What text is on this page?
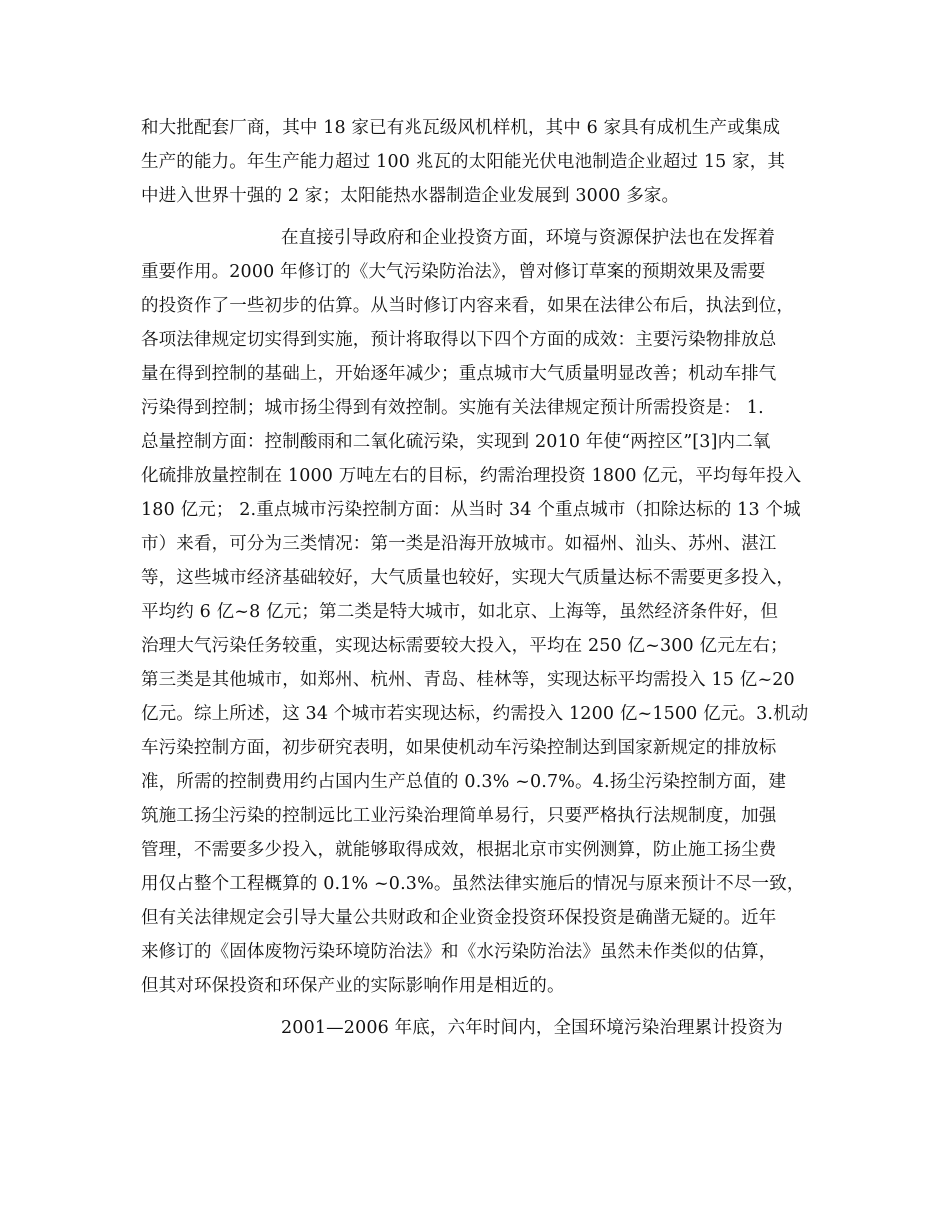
和大批配套厂商，其中 18 家已有兆瓦级风机样机，其中 6 家具有成机生产或集成
生产的能力。年生产能力超过 100 兆瓦的太阳能光伏电池制造企业超过 15 家，其
中进入世界十强的 2 家；太阳能热水器制造企业发展到 3000 多家。
在直接引导政府和企业投资方面，环境与资源保护法也在发挥着
重要作用。2000 年修订的《大气污染防治法》，曾对修订草案的预期效果及需要
的投资作了一些初步的估算。从当时修订内容来看，如果在法律公布后，执法到位，
各项法律规定切实得到实施，预计将取得以下四个方面的成效：主要污染物排放总
量在得到控制的基础上，开始逐年减少；重点城市大气质量明显改善；机动车排气
污染得到控制；城市扬尘得到有效控制。实施有关法律规定预计所需投资是： 1.
总量控制方面：控制酸雨和二氧化硫污染，实现到 2010 年使“两控区”[3]内二氧
化硫排放量控制在 1000 万吨左右的目标，约需治理投资 1800 亿元，平均每年投入
180 亿元； 2.重点城市污染控制方面：从当时 34 个重点城市（扣除达标的 13 个城
市）来看，可分为三类情况：第一类是沿海开放城市。如福州、汕头、苏州、湛江
等，这些城市经济基础较好，大气质量也较好，实现大气质量达标不需要更多投入，
平均约 6 亿~8 亿元；第二类是特大城市，如北京、上海等，虽然经济条件好，但
治理大气污染任务较重，实现达标需要较大投入，平均在 250 亿~300 亿元左右；
第三类是其他城市，如郑州、杭州、青岛、桂林等，实现达标平均需投入 15 亿~20
亿元。综上所述，这 34 个城市若实现达标，约需投入 1200 亿~1500 亿元。3.机动
车污染控制方面，初步研究表明，如果使机动车污染控制达到国家新规定的排放标
准，所需的控制费用约占国内生产总值的 0.3% ~0.7%。4.扬尘污染控制方面，建
筑施工扬尘污染的控制远比工业污染治理简单易行，只要严格执行法规制度，加强
管理，不需要多少投入，就能够取得成效，根据北京市实例测算，防止施工扬尘费
用仅占整个工程概算的 0.1% ~0.3%。虽然法律实施后的情况与原来预计不尽一致，
但有关法律规定会引导大量公共财政和企业资金投资环保投资是确凿无疑的。近年
来修订的《固体废物污染环境防治法》和《水污染防治法》虽然未作类似的估算，
但其对环保投资和环保产业的实际影响作用是相近的。
2001—2006 年底，六年时间内，全国环境污染治理累计投资为
